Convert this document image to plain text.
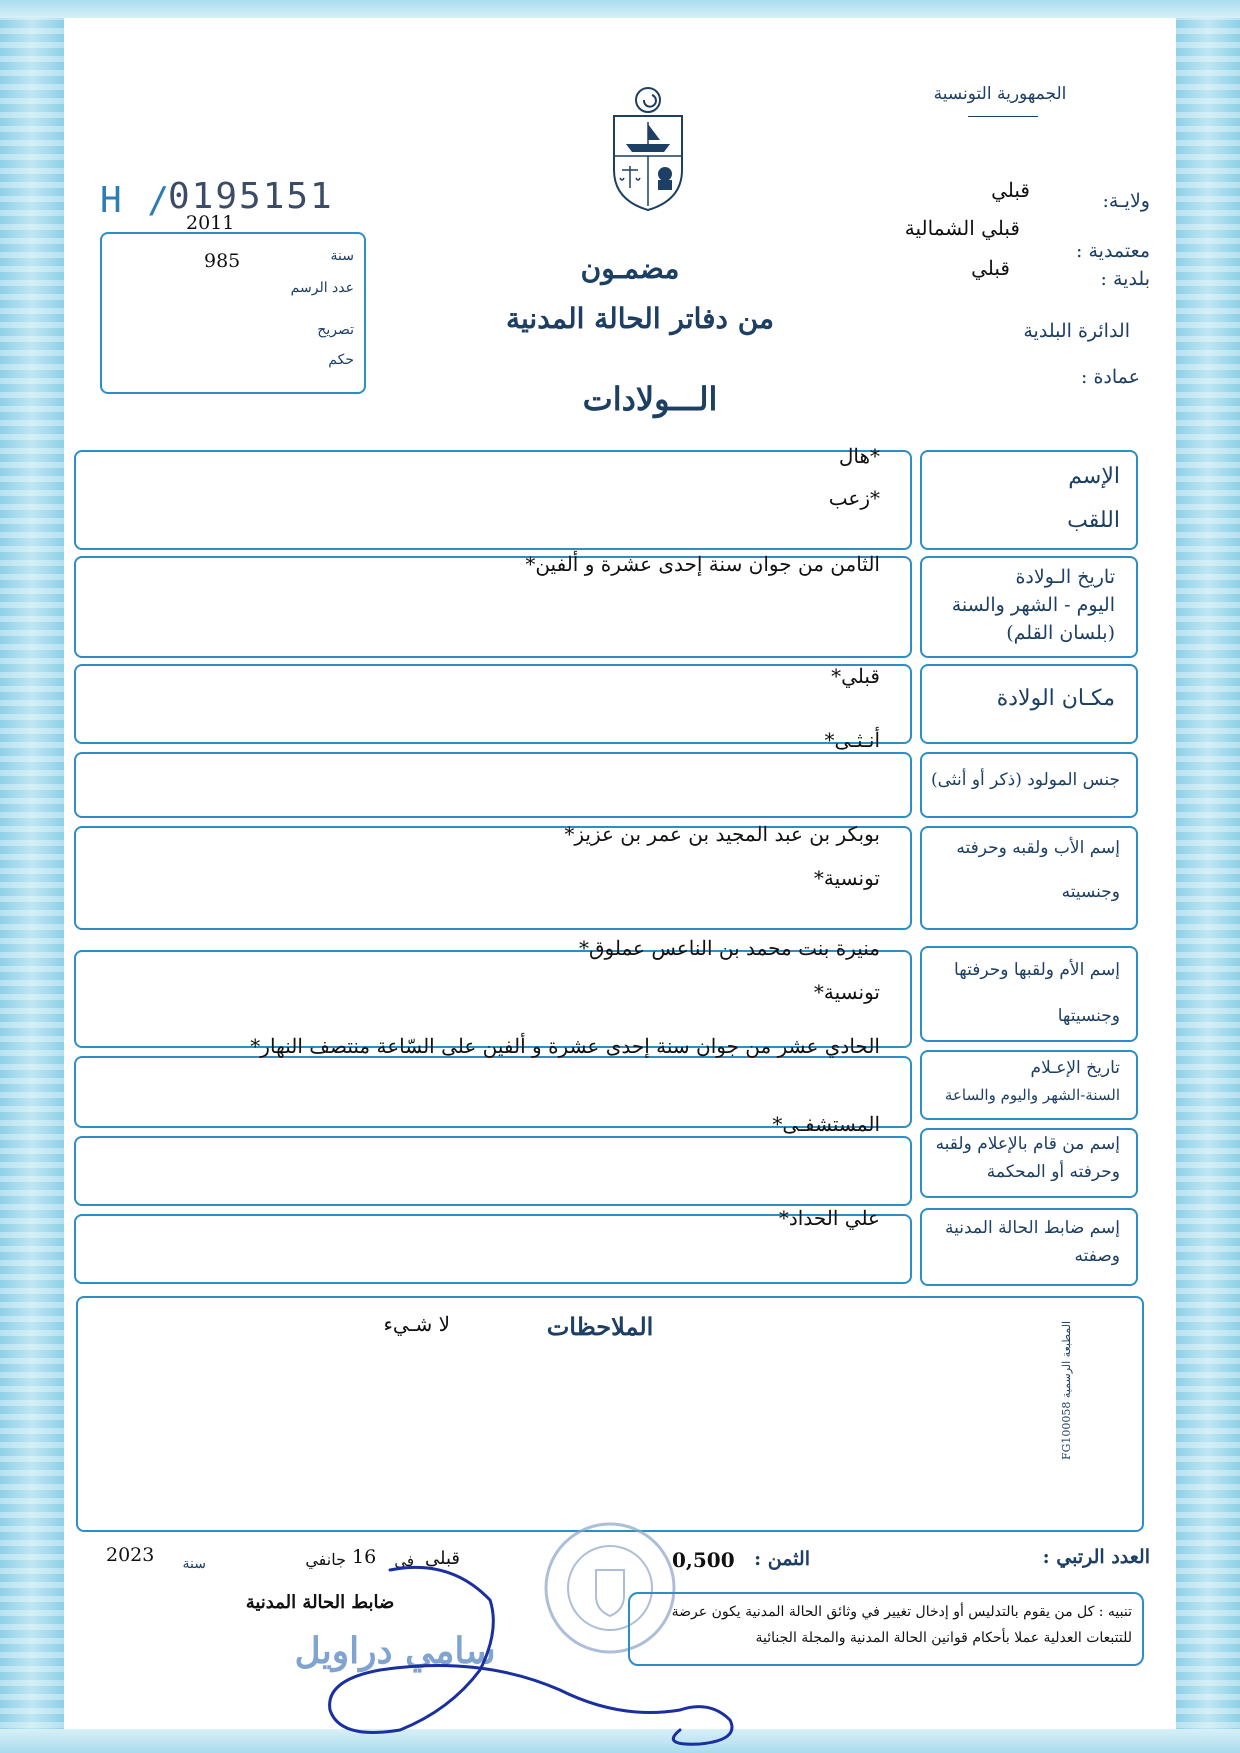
الجمهورية التونسية
ولايـة:
قبلي
معتمدية :
قبلي الشمالية
بلدية :
قبلي
الدائرة البلدية
عمادة :
H /
0195151
2011
سنة
985
عدد الرسم
تصريح
حكم
مضمـون
من دفاتر الحالة المدنية
الـــولادات
الإسم
اللقب
*هال
*زعب
تاريخ الـولادة
اليوم - الشهر والسنة
(بلسان القلم)
الثامن من جوان سنة إحدى عشرة و ألفين*
مكـان الولادة
قبلي*
أنـثـى*
جنس المولود (ذكر أو أنثى)
إسم الأب ولقبه وحرفته
وجنسيته
بوبكر بن عبد المجيد بن عمر بن عزيز*
تونسية*
إسم الأم ولقبها وحرفتها
وجنسيتها
منيرة بنت محمد بن الناعس عملوق*
تونسية*
تاريخ الإعـلام
السنة-الشهر واليوم والساعة
الحادي عشر من جوان سنة إحدى عشرة و ألفين على السّاعة منتصف النهار*
إسم من قام بالإعلام ولقبه
وحرفته أو المحكمة
المستشفـى*
إسم ضابط الحالة المدنية
وصفته
علي الحداد*
الملاحظات
لا شـيء
المطبعة الرسمية FG100058
العدد الرتبي :
الثمن :
0,500
قبلي
في
16
جانفي
سنة
2023
ضابط الحالة المدنية
سامي دراويل
تنبيه : كل من يقوم بالتدليس أو إدخال تغيير في وثائق الحالة المدنية يكون عرضة
للتتبعات العدلية عملا بأحكام قوانين الحالة المدنية والمجلة الجنائية
